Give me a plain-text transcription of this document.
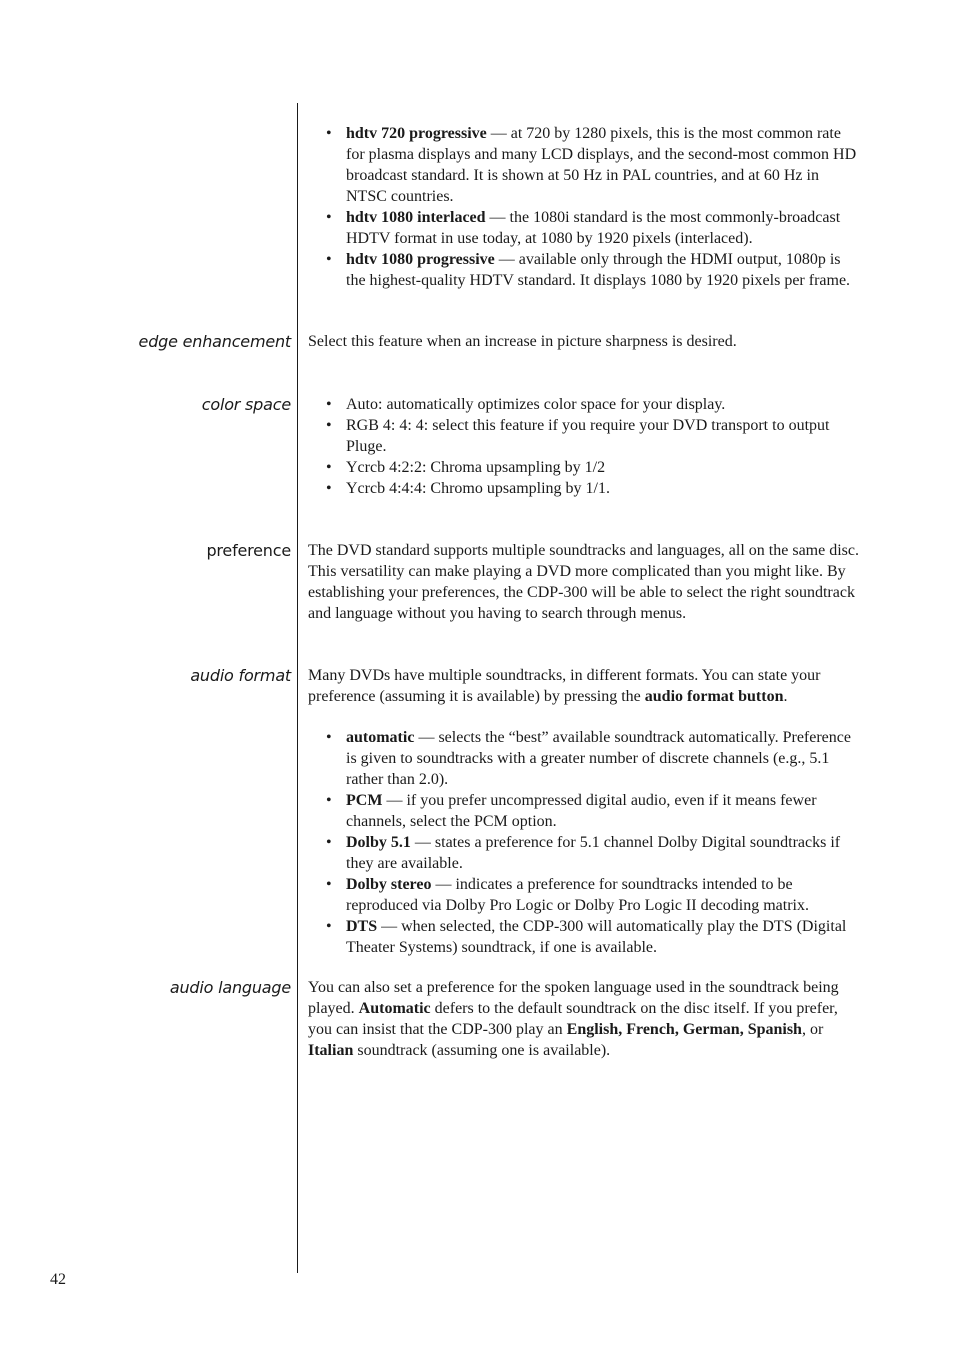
• hdtv 720 progressive — at 720 by 1280 pixels, this is the most common rate for plasma displays and many LCD displays, and the second-most common HD broadcast standard. It is shown at 50 Hz in PAL countries, and at 60 Hz in NTSC countries.
• hdtv 1080 interlaced — the 1080i standard is the most commonly-broadcast HDTV format in use today, at 1080 by 1920 pixels (interlaced).
• hdtv 1080 progressive — available only through the HDMI output, 1080p is the highest-quality HDTV standard. It displays 1080 by 1920 pixels per frame.
edge enhancement Select this feature when an increase in picture sharpness is desired.

color space • Auto: automatically optimizes color space for your display.
• RGB 4: 4: 4: select this feature if you require your DVD transport to output Pluge.
• Ycrcb 4:2:2: Chroma upsampling by 1/2
• Ycrcb 4:4:4: Chromo upsampling by 1/1.
preference The DVD standard supports multiple soundtracks and languages, all on the same disc. This versatility can make playing a DVD more complicated than you might like. By establishing your preferences, the CDP-300 will be able to select the right soundtrack and language without you having to search through menus.

audio format Many DVDs have multiple soundtracks, in different formats. You can state your preference (assuming it is available) by pressing the audio format button.

• automatic — selects the “best” available soundtrack automatically. Preference is given to soundtracks with a greater number of discrete channels (e.g., 5.1 rather than 2.0).
• PCM — if you prefer uncompressed digital audio, even if it means fewer channels, select the PCM option.
• Dolby 5.1 — states a preference for 5.1 channel Dolby Digital soundtracks if they are available.
• Dolby stereo — indicates a preference for soundtracks intended to be reproduced via Dolby Pro Logic or Dolby Pro Logic II decoding matrix.
• DTS — when selected, the CDP-300 will automatically play the DTS (Digital Theater Systems) soundtrack, if one is available.
audio language You can also set a preference for the spoken language used in the soundtrack being played. Automatic defers to the default soundtrack on the disc itself. If you prefer, you can insist that the CDP-300 play an English, French, German, Spanish, or Italian soundtrack (assuming one is available).

42
